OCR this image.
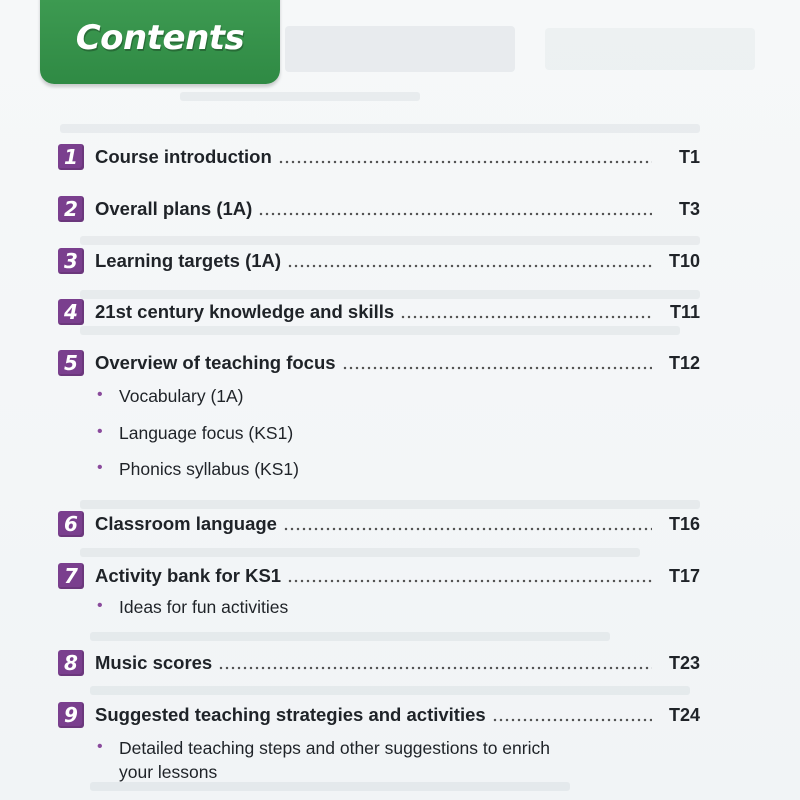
Contents
1 Course introduction	T1
2 Overall plans (1A)	T3
3 Learning targets (1A)	T10
4 21st century knowledge and skills	T11
5 Overview of teaching focus	T12
• Vocabulary (1A)
• Language focus (KS1)
• Phonics syllabus (KS1)
6 Classroom language	T16
7 Activity bank for KS1	T17
• Ideas for fun activities
8 Music scores	T23
9 Suggested teaching strategies and activities	T24
• Detailed teaching steps and other suggestions to enrich your lessons
